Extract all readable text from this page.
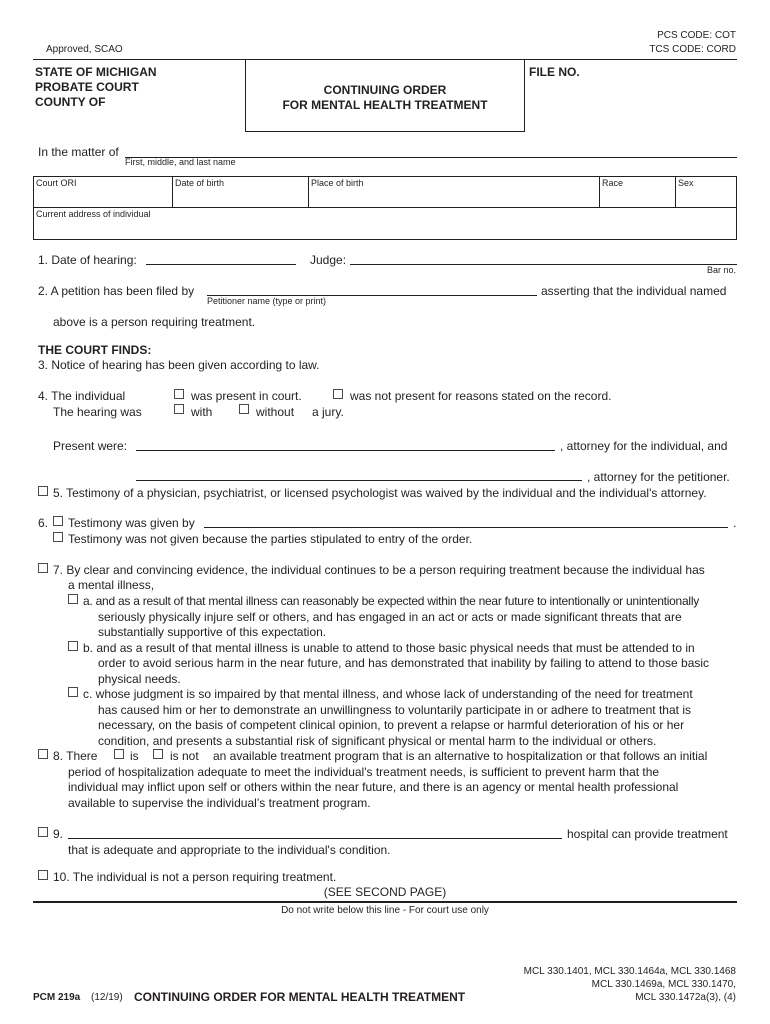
Approved, SCAO
PCS CODE: COT
TCS CODE: CORD
STATE OF MICHIGAN
PROBATE COURT
COUNTY OF
CONTINUING ORDER
FOR MENTAL HEALTH TREATMENT
FILE NO.
In the matter of
First, middle, and last name
Court ORI	Date of birth	Place of birth	Race	Sex
Current address of individual
1. Date of hearing:	Judge:
Bar no.
2. A petition has been filed by	asserting that the individual named
Petitioner name (type or print)
above is a person requiring treatment.
THE COURT FINDS:
3. Notice of hearing has been given according to law.
4. The individual	was present in court.	was not present for reasons stated on the record.
The hearing was	with	without a jury.
Present were:	, attorney for the individual, and
, attorney for the petitioner.
5. Testimony of a physician, psychiatrist, or licensed psychologist was waived by the individual and the individual's attorney.
6. Testimony was given by	.
Testimony was not given because the parties stipulated to entry of the order.
7. By clear and convincing evidence, the individual continues to be a person requiring treatment because the individual has
a mental illness,
a. and as a result of that mental illness can reasonably be expected within the near future to intentionally or unintentionally
seriously physically injure self or others, and has engaged in an act or acts or made significant threats that are
substantially supportive of this expectation.
b. and as a result of that mental illness is unable to attend to those basic physical needs that must be attended to in
order to avoid serious harm in the near future, and has demonstrated that inability by failing to attend to those basic
physical needs.
c. whose judgment is so impaired by that mental illness, and whose lack of understanding of the need for treatment
has caused him or her to demonstrate an unwillingness to voluntarily participate in or adhere to treatment that is
necessary, on the basis of competent clinical opinion, to prevent a relapse or harmful deterioration of his or her
condition, and presents a substantial risk of significant physical or mental harm to the individual or others.
8. There	is	is not an available treatment program that is an alternative to hospitalization or that follows an initial
period of hospitalization adequate to meet the individual's treatment needs, is sufficient to prevent harm that the
individual may inflict upon self or others within the near future, and there is an agency or mental health professional
available to supervise the individual’s treatment program.
9.	hospital can provide treatment
that is adequate and appropriate to the individual's condition.
10. The individual is not a person requiring treatment.
(SEE SECOND PAGE)
Do not write below this line - For court use only
PCM 219a (12/19) CONTINUING ORDER FOR MENTAL HEALTH TREATMENT
MCL 330.1401, MCL 330.1464a, MCL 330.1468
MCL 330.1469a, MCL 330.1470,
MCL 330.1472a(3), (4)
